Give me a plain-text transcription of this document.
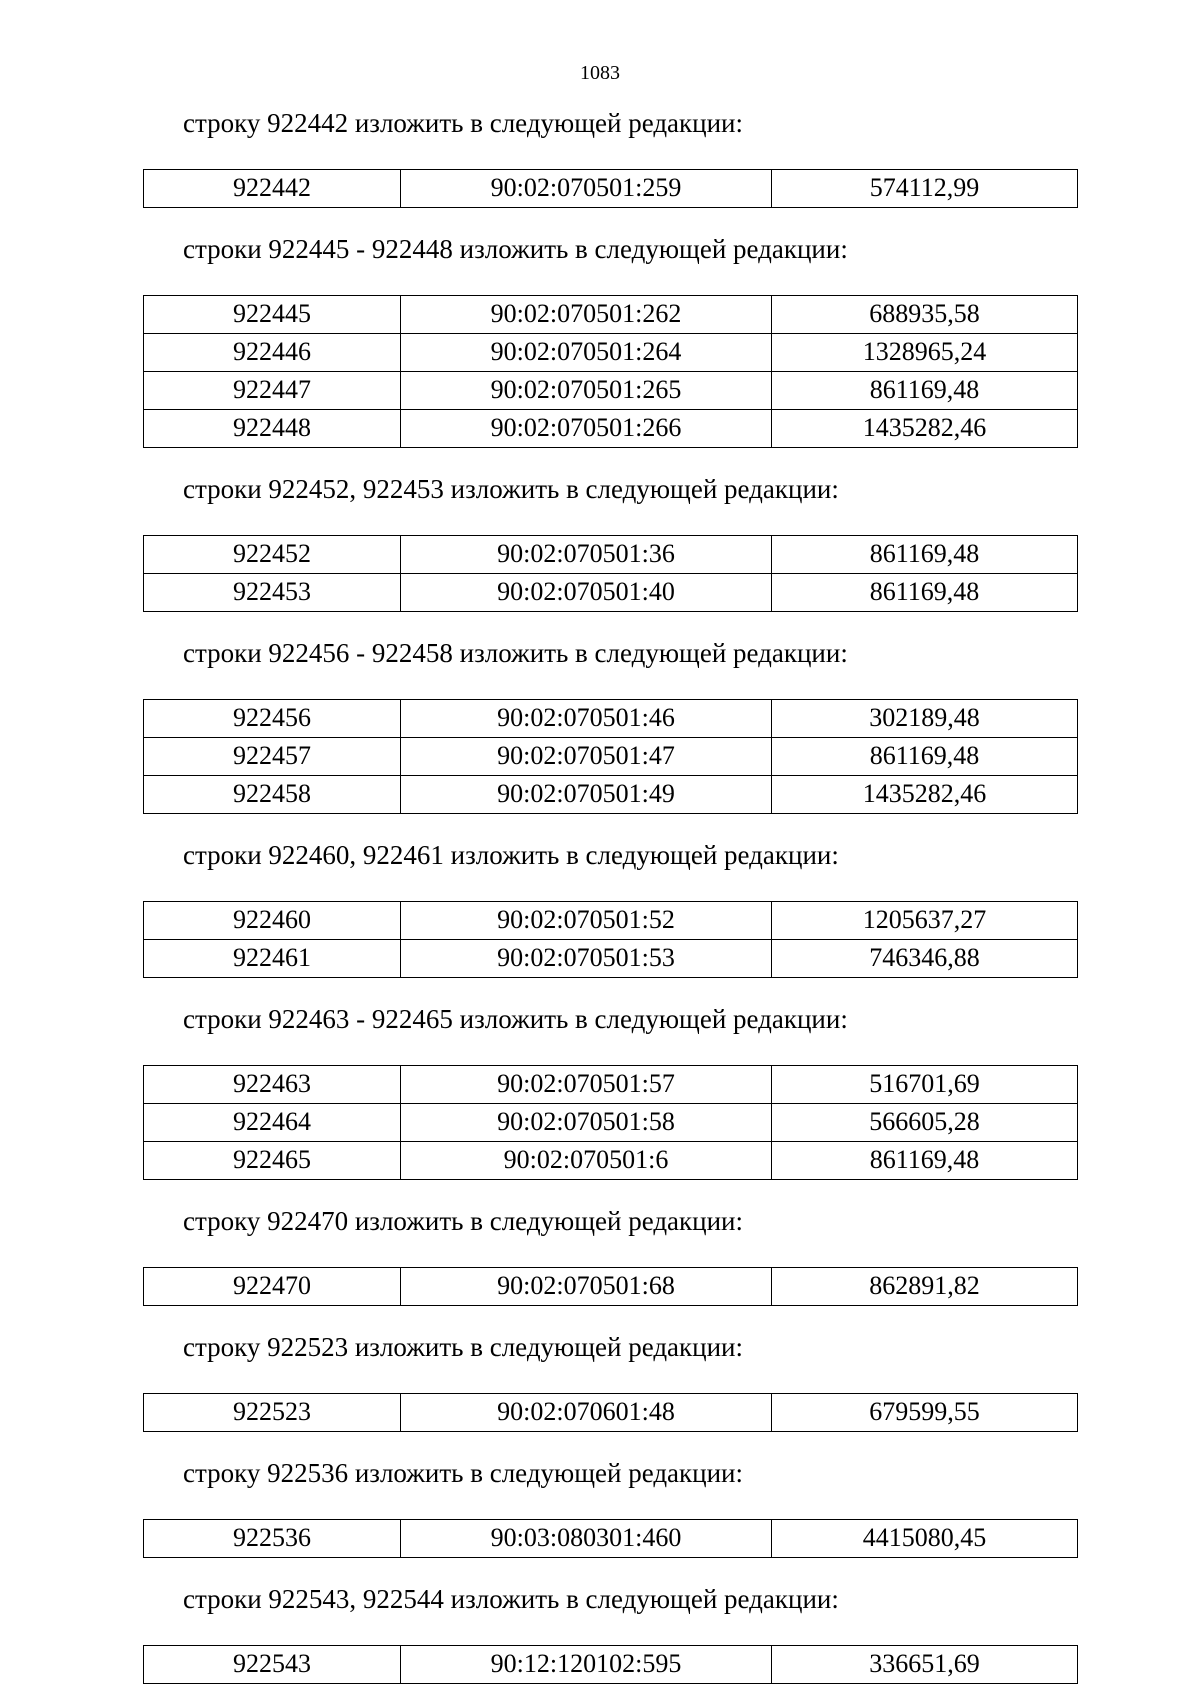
1083
строку 922442 изложить в следующей редакции:
922442	90:02:070501:259	574112,99
строки 922445 - 922448 изложить в следующей редакции:
922445	90:02:070501:262	688935,58
922446	90:02:070501:264	1328965,24
922447	90:02:070501:265	861169,48
922448	90:02:070501:266	1435282,46
строки 922452, 922453 изложить в следующей редакции:
922452	90:02:070501:36	861169,48
922453	90:02:070501:40	861169,48
строки 922456 - 922458 изложить в следующей редакции:
922456	90:02:070501:46	302189,48
922457	90:02:070501:47	861169,48
922458	90:02:070501:49	1435282,46
строки 922460, 922461 изложить в следующей редакции:
922460	90:02:070501:52	1205637,27
922461	90:02:070501:53	746346,88
строки 922463 - 922465 изложить в следующей редакции:
922463	90:02:070501:57	516701,69
922464	90:02:070501:58	566605,28
922465	90:02:070501:6	861169,48
строку 922470 изложить в следующей редакции:
922470	90:02:070501:68	862891,82
строку 922523 изложить в следующей редакции:
922523	90:02:070601:48	679599,55
строку 922536 изложить в следующей редакции:
922536	90:03:080301:460	4415080,45
строки 922543, 922544 изложить в следующей редакции:
922543	90:12:120102:595	336651,69
